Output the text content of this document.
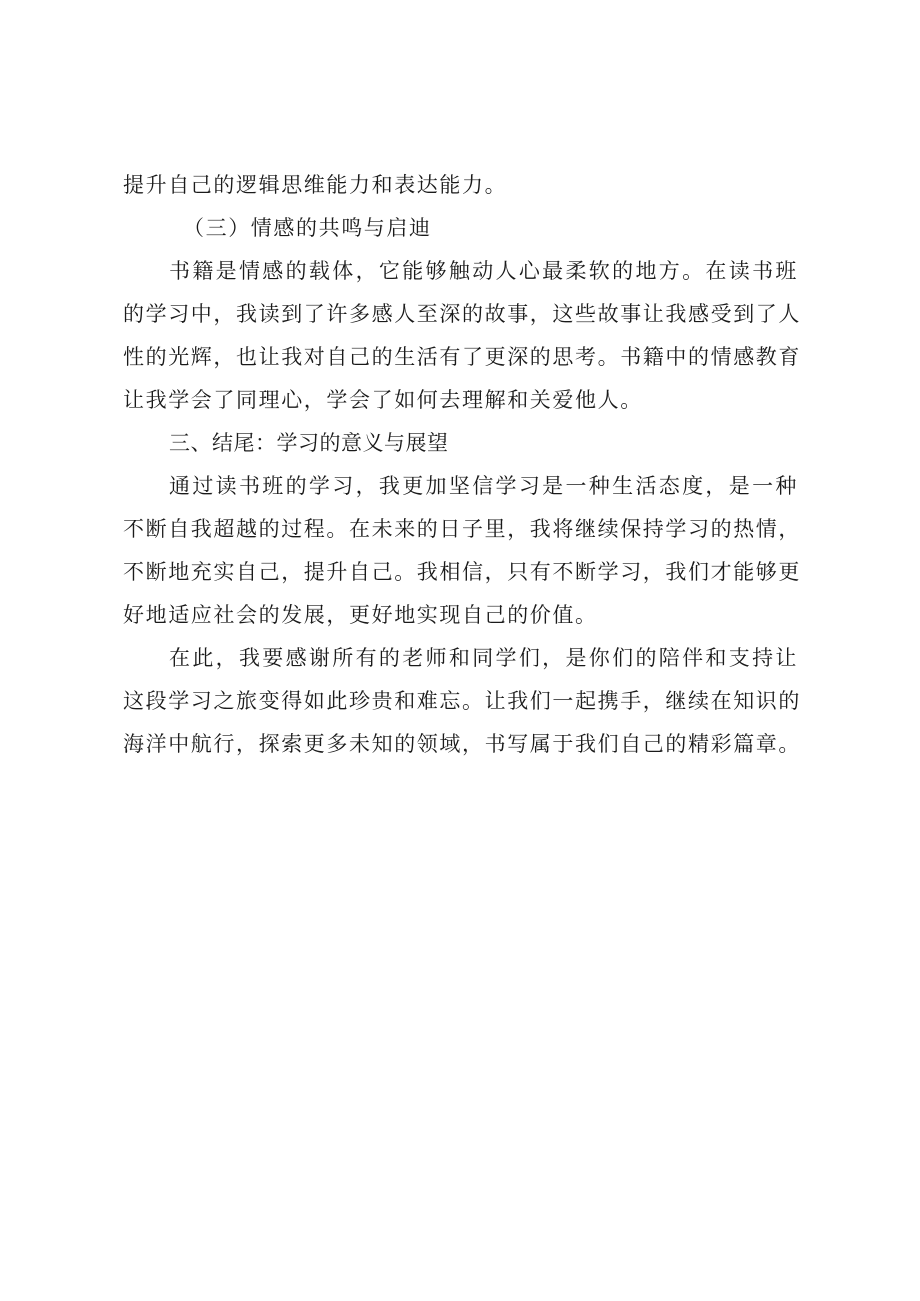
提升自己的逻辑思维能力和表达能力。
（三）情感的共鸣与启迪
书籍是情感的载体，它能够触动人心最柔软的地方。在读书班
的学习中，我读到了许多感人至深的故事，这些故事让我感受到了人
性的光辉，也让我对自己的生活有了更深的思考。书籍中的情感教育
让我学会了同理心，学会了如何去理解和关爱他人。
三、结尾：学习的意义与展望
通过读书班的学习，我更加坚信学习是一种生活态度，是一种
不断自我超越的过程。在未来的日子里，我将继续保持学习的热情，
不断地充实自己，提升自己。我相信，只有不断学习，我们才能够更
好地适应社会的发展，更好地实现自己的价值。
在此，我要感谢所有的老师和同学们，是你们的陪伴和支持让
这段学习之旅变得如此珍贵和难忘。让我们一起携手，继续在知识的
海洋中航行，探索更多未知的领域，书写属于我们自己的精彩篇章。
